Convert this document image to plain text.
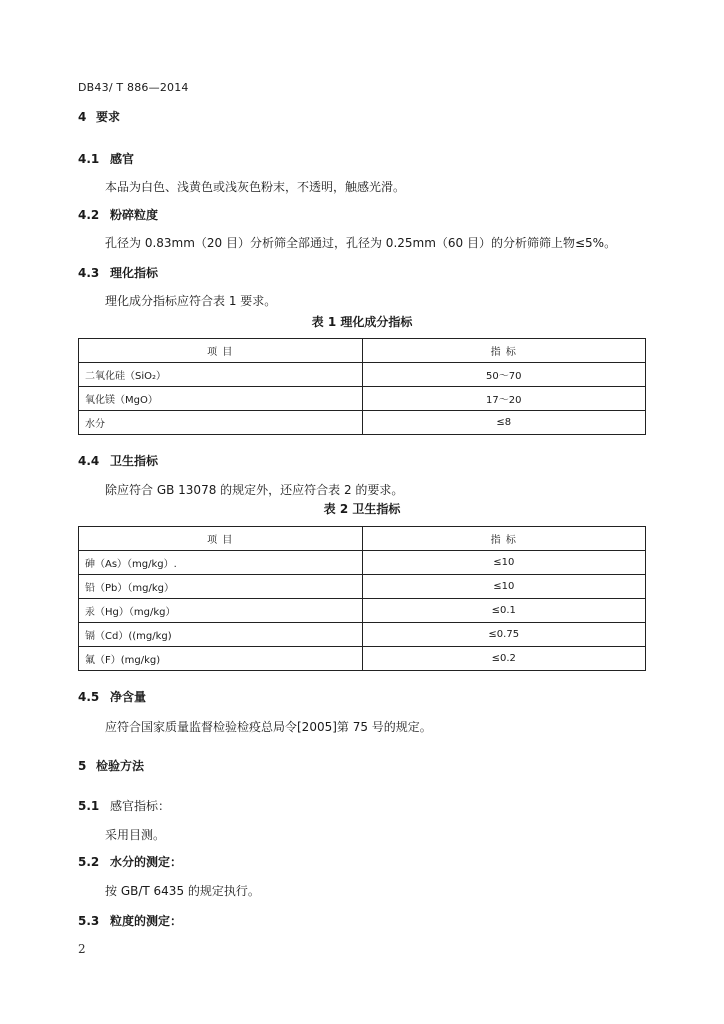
DB43/ T 886—2014
4 要求
4.1 感官
本品为白色、浅黄色或浅灰色粉末，不透明，触感光滑。
4.2 粉碎粒度
孔径为 0.83mm（20 目）分析筛全部通过，孔径为 0.25mm（60 目）的分析筛筛上物≤5%。
4.3 理化指标
理化成分指标应符合表 1 要求。
表 1 理化成分指标
项 目	指 标
二氧化硅（SiO₂）	50～70
氧化镁（MgO）	17～20
水分	≤8
4.4 卫生指标
除应符合 GB 13078 的规定外，还应符合表 2 的要求。
表 2 卫生指标
项 目	指 标
砷（As）（mg/kg）.	≤10
铅（Pb）（mg/kg）	≤10
汞（Hg）（mg/kg）	≤0.1
镉（Cd）((mg/kg)	≤0.75
氟（F）(mg/kg)	≤0.2
4.5 净含量
应符合国家质量监督检验检疫总局令[2005]第 75 号的规定。
5 检验方法
5.1 感官指标：
采用目测。
5.2 水分的测定：
按 GB/T 6435 的规定执行。
5.3 粒度的测定：
2
